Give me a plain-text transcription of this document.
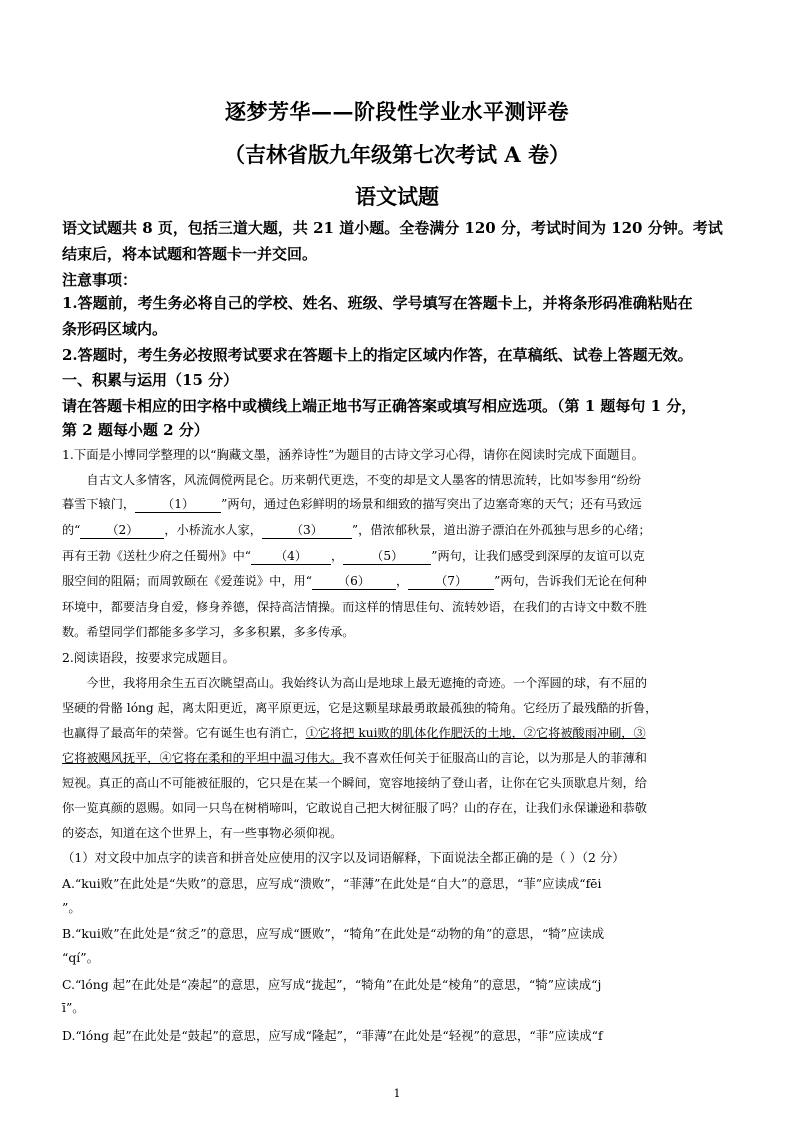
逐梦芳华——阶段性学业水平测评卷
（吉林省版九年级第七次考试 A 卷）
语文试题
语文试题共 8 页，包括三道大题，共 21 道小题。全卷满分 120 分，考试时间为 120 分钟。考试
结束后，将本试题和答题卡一并交回。
注意事项：
1.答题前，考生务必将自己的学校、姓名、班级、学号填写在答题卡上，并将条形码准确粘贴在
条形码区域内。
2.答题时，考生务必按照考试要求在答题卡上的指定区域内作答，在草稿纸、试卷上答题无效。
一、积累与运用（15 分）
请在答题卡相应的田字格中或横线上端正地书写正确答案或填写相应选项。（第 1 题每句 1 分，
第 2 题每小题 2 分）
1.下面是小博同学整理的以“胸藏文墨，涵养诗性”为题目的古诗文学习心得，请你在阅读时完成下面题目。
自古文人多情客，风流倜傥两昆仑。历来朝代更迭，不变的却是文人墨客的情思流转，比如岑参用“纷纷
暮雪下辕门， （1） ”两句，通过色彩鲜明的场景和细致的描写突出了边塞奇寒的天气；还有马致远
的“ （2） ，小桥流水人家， （3） ”，借浓郁秋景，道出游子漂泊在外孤独与思乡的心绪；
再有王勃《送杜少府之任蜀州》中“ （4） ， （5） ”两句，让我们感受到深厚的友谊可以克
服空间的阻隔；而周敦颐在《爱莲说》中，用“ （6） ， （7） ”两句，告诉我们无论在何种
环境中，都要洁身自爱，修身养德，保持高洁情操。而这样的情思佳句、流转妙语，在我们的古诗文中数不胜
数。希望同学们都能多多学习，多多积累，多多传承。
2.阅读语段，按要求完成题目。
今世，我将用余生五百次眺望高山。我始终认为高山是地球上最无遮掩的奇迹。一个浑圆的球，有不屈的
坚硬的骨骼 lóng 起，离太阳更近，离平原更远，它是这颗星球最勇敢最孤独的犄角。它经历了最残酷的折鲁，
也赢得了最高年的荣誉。它有诞生也有消亡，①它将把 kui败的肌体化作肥沃的土地，②它将被酸雨冲刷，③
它将被飓风抚平，④它将在柔和的平坦中温习伟大。我不喜欢任何关于征服高山的言论，以为那是人的菲薄和
短视。真正的高山不可能被征服的，它只是在某一个瞬间，宽容地接纳了登山者，让你在它头顶歇息片刻，给
你一览真颜的恩赐。如同一只鸟在树梢啼叫，它敢说自己把大树征服了吗？山的存在，让我们永保谦逊和恭敬
的姿态，知道在这个世界上，有一些事物必须仰视。
（1）对文段中加点字的读音和拼音处应使用的汉字以及词语解释，下面说法全都正确的是（ ）（2 分）
A.“kui败”在此处是“失败”的意思，应写成“溃败”，“菲薄”在此处是“自大”的意思，“菲”应读成“fēi
”。
B.“kui败”在此处是“贫乏”的意思，应写成“匮败”，“犄角”在此处是“动物的角”的意思，“犄”应读成
“qí”。
C.“lóng 起”在此处是“凑起”的意思，应写成“拢起”，“犄角”在此处是“棱角”的意思，“犄”应读成“j
ī”。
D.“lóng 起”在此处是“鼓起”的意思，应写成“隆起”，“菲薄”在此处是“轻视”的意思，“菲”应读成“f
1
